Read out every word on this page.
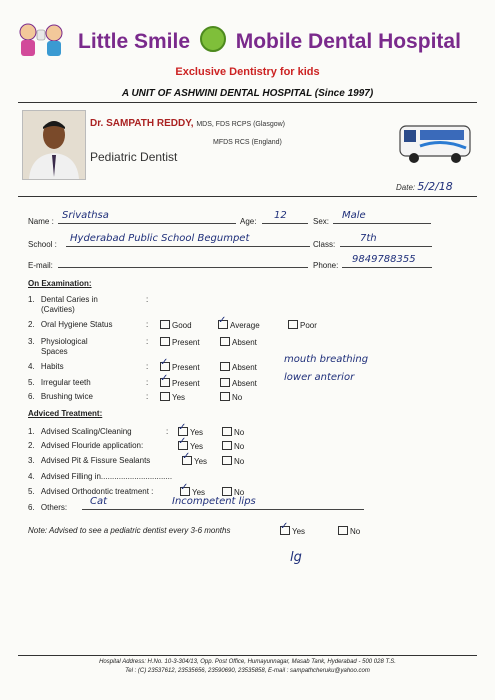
Little Smile Mobile Dental Hospital
Exclusive Dentistry for kids
A UNIT OF ASHWINI DENTAL HOSPITAL (Since 1997)
Dr. SAMPATH REDDY, MDS, FDS RCPS (Glasgow)
MFDS RCS (England)
Pediatric Dentist
Date: 5/2/18
Name :
Srivathsa
Age:
12
Sex:
Male
School :
Hyderabad Public School Begumpet
Class:
7th
E-mail:	Phone:
9849788355
On Examination:
1. Dental Caries in
(Cavities)
:
2. Oral Hygiene Status	:	Good ✓	Average	Poor
3. Physiological
Spaces
:	Present	Absent
4. Habits	: ✓	Present	Absent
mouth breathing
5. Irregular teeth	: ✓	Present	Absent
lower anterior
6. Brushing twice	:	Yes	No
Adviced Treatment:
1. Advised Scaling/Cleaning	: ✓	Yes	No
2. Advised Flouride application: ✓	Yes	No
3. Advised Pit & Fissure Sealants ✓	Yes	No
4. Advised Filling in................................
5. Advised Orthodontic treatment : ✓	Yes	No
6. Others:
Cat	Incompetent lips
Note: Advised to see a pediatric dentist every 3-6 months ✓	Yes	No
lg
Hospital Address: H.No. 10-3-304/13, Opp. Post Office, Humayunnagar, Masab Tank, Hyderabad - 500 028 T.S.
Tel : (C) 23537612, 23535656, 23590690, 23535858, E-mail : sampathcheruku@yahoo.com
